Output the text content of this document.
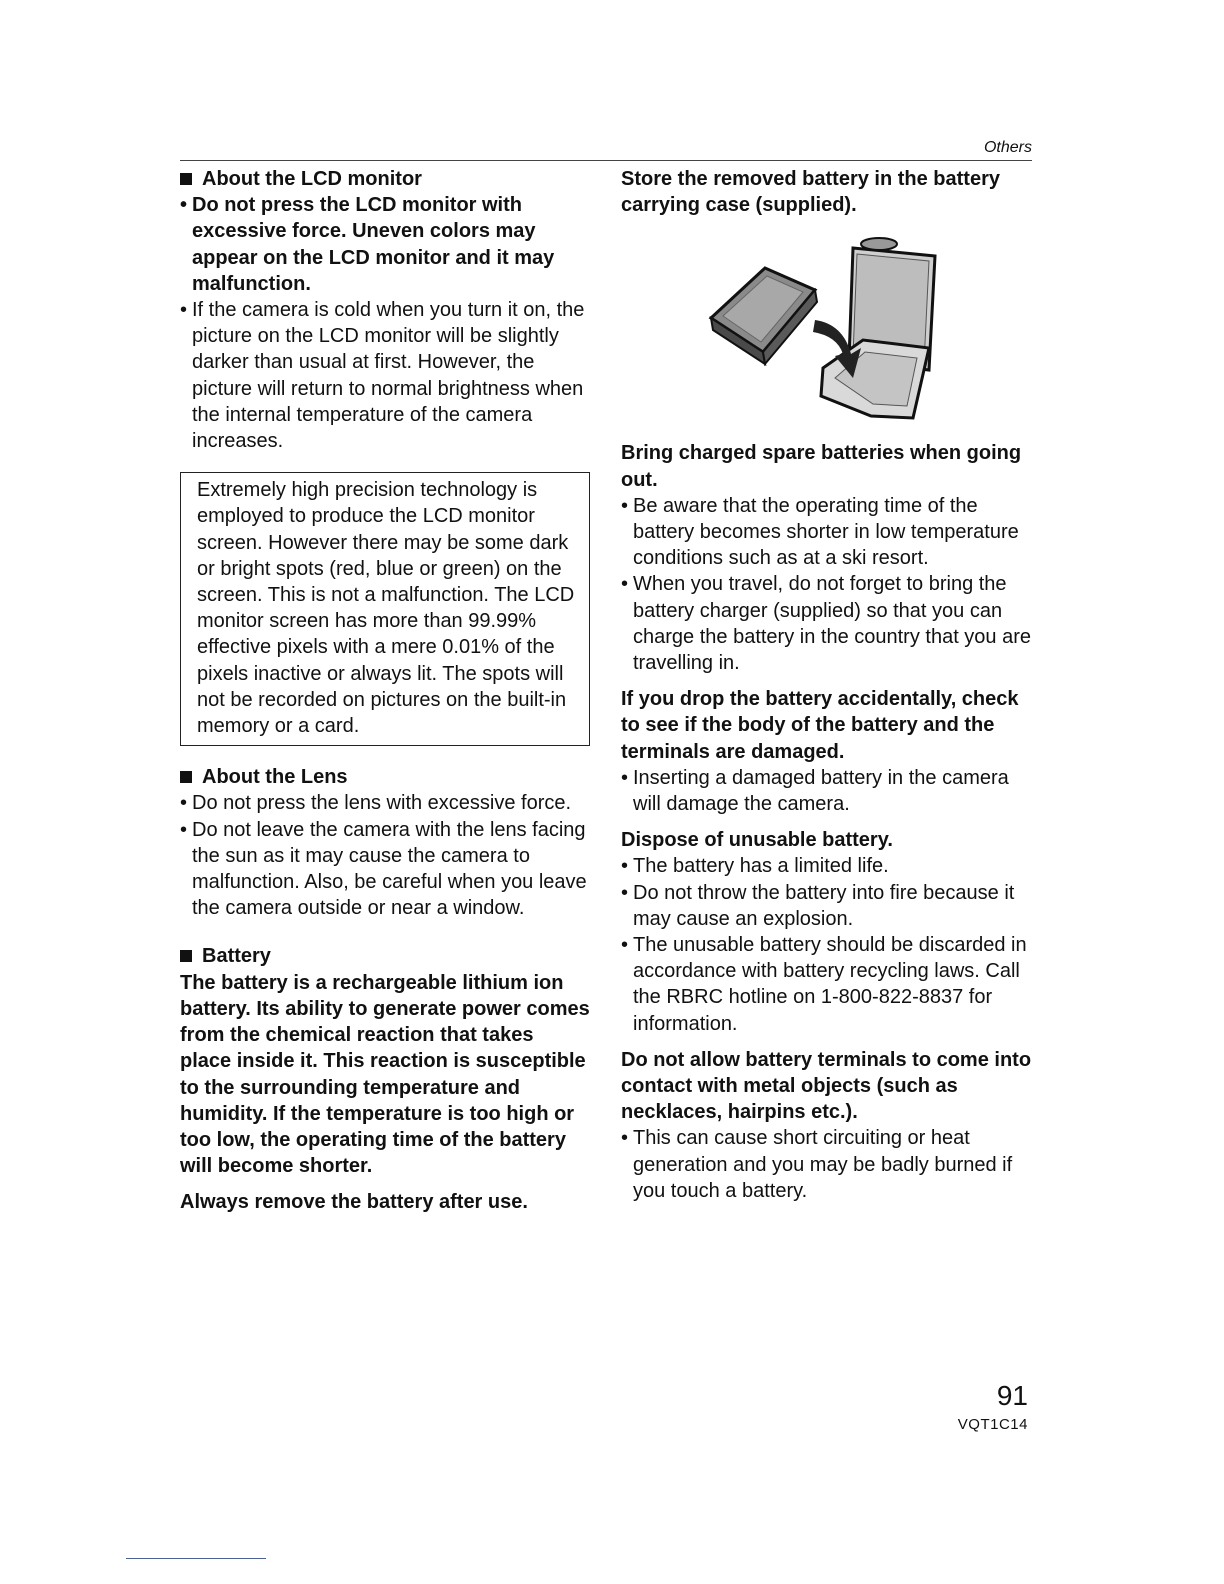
Others

About the LCD monitor

• Do not press the LCD monitor with excessive force. Uneven colors may appear on the LCD monitor and it may malfunction.

• If the camera is cold when you turn it on, the picture on the LCD monitor will be slightly darker than usual at first. However, the picture will return to normal brightness when the internal temperature of the camera increases.

Extremely high precision technology is employed to produce the LCD monitor screen. However there may be some dark or bright spots (red, blue or green) on the screen. This is not a malfunction. The LCD monitor screen has more than 99.99% effective pixels with a mere 0.01% of the pixels inactive or always lit. The spots will not be recorded on pictures on the built-in memory or a card.

About the Lens

• Do not press the lens with excessive force.

• Do not leave the camera with the lens facing the sun as it may cause the camera to malfunction. Also, be careful when you leave the camera outside or near a window.

Battery

The battery is a rechargeable lithium ion battery. Its ability to generate power comes from the chemical reaction that takes place inside it. This reaction is susceptible to the surrounding temperature and humidity. If the temperature is too high or too low, the operating time of the battery will become shorter.

Always remove the battery after use.

Store the removed battery in the battery carrying case (supplied).

Bring charged spare batteries when going out.

• Be aware that the operating time of the battery becomes shorter in low temperature conditions such as at a ski resort.

• When you travel, do not forget to bring the battery charger (supplied) so that you can charge the battery in the country that you are travelling in.

If you drop the battery accidentally, check to see if the body of the battery and the terminals are damaged.

• Inserting a damaged battery in the camera will damage the camera.

Dispose of unusable battery.

• The battery has a limited life.

• Do not throw the battery into fire because it may cause an explosion.

• The unusable battery should be discarded in accordance with battery recycling laws. Call the RBRC hotline on 1-800-822-8837 for information.

Do not allow battery terminals to come into contact with metal objects (such as necklaces, hairpins etc.).

• This can cause short circuiting or heat generation and you may be badly burned if you touch a battery.

91
VQT1C14
